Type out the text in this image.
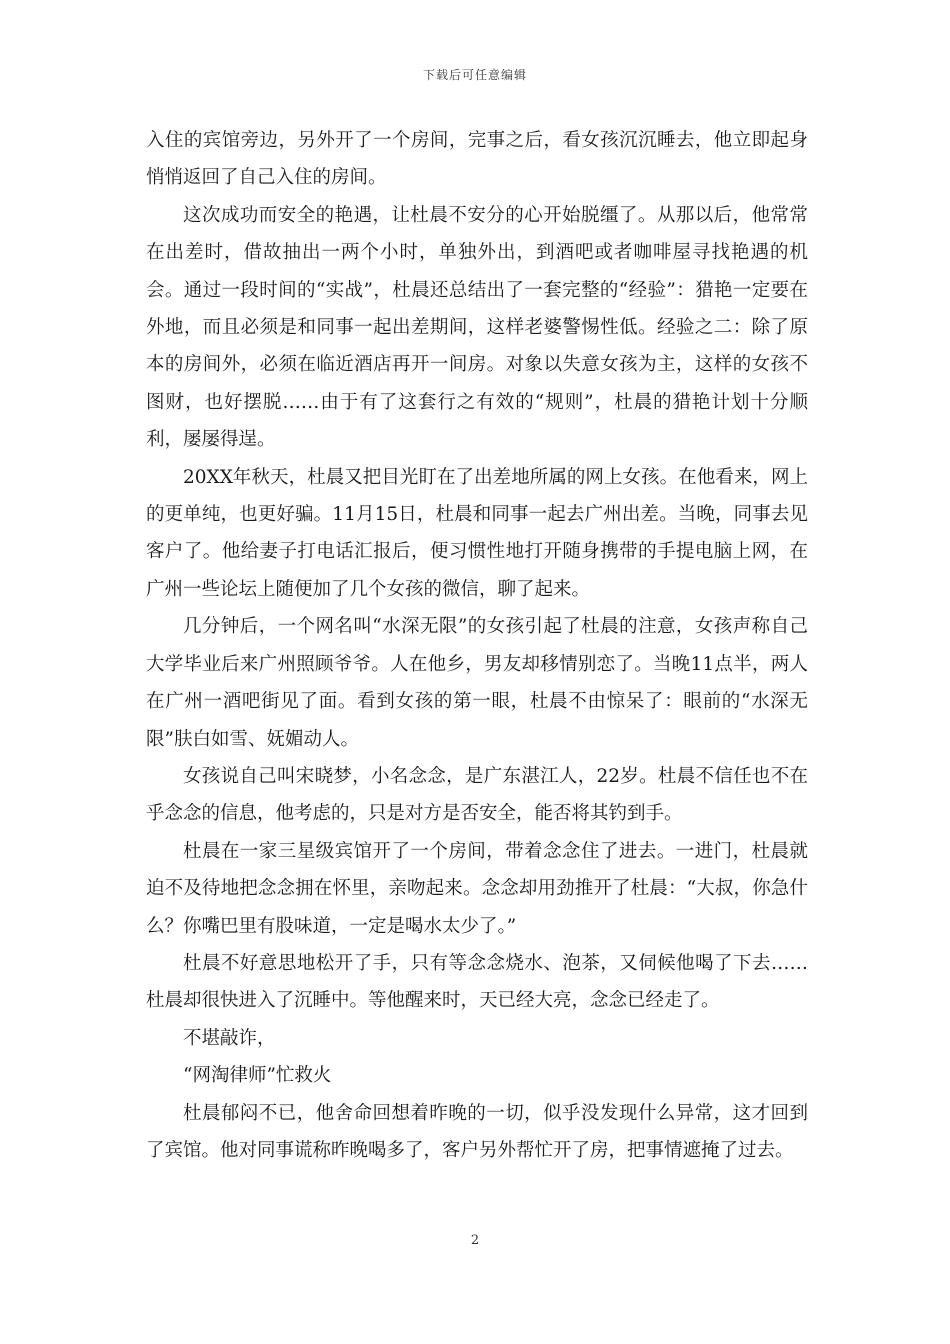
下载后可任意编辑

入住的宾馆旁边，另外开了一个房间，完事之后，看女孩沉沉睡去，他立即起身悄悄返回了自己入住的房间。

这次成功而安全的艳遇，让杜晨不安分的心开始脱缰了。从那以后，他常常在出差时，借故抽出一两个小时，单独外出，到酒吧或者咖啡屋寻找艳遇的机会。通过一段时间的“实战”，杜晨还总结出了一套完整的“经验”：猎艳一定要在外地，而且必须是和同事一起出差期间，这样老婆警惕性低。经验之二：除了原本的房间外，必须在临近酒店再开一间房。对象以失意女孩为主，这样的女孩不图财，也好摆脱……由于有了这套行之有效的“规则”，杜晨的猎艳计划十分顺利，屡屡得逞。

20XX年秋天，杜晨又把目光盯在了出差地所属的网上女孩。在他看来，网上的更单纯，也更好骗。11月15日，杜晨和同事一起去广州出差。当晚，同事去见客户了。他给妻子打电话汇报后，便习惯性地打开随身携带的手提电脑上网，在广州一些论坛上随便加了几个女孩的微信，聊了起来。

几分钟后，一个网名叫“水深无限”的女孩引起了杜晨的注意，女孩声称自己大学毕业后来广州照顾爷爷。人在他乡，男友却移情别恋了。当晚11点半，两人在广州一酒吧街见了面。看到女孩的第一眼，杜晨不由惊呆了：眼前的“水深无限”肤白如雪、妩媚动人。

女孩说自己叫宋晓梦，小名念念，是广东湛江人，22岁。杜晨不信任也不在乎念念的信息，他考虑的，只是对方是否安全，能否将其钓到手。

杜晨在一家三星级宾馆开了一个房间，带着念念住了进去。一进门，杜晨就迫不及待地把念念拥在怀里，亲吻起来。念念却用劲推开了杜晨：“大叔，你急什么？你嘴巴里有股味道，一定是喝水太少了。”

杜晨不好意思地松开了手，只有等念念烧水、泡茶，又伺候他喝了下去……杜晨却很快进入了沉睡中。等他醒来时，天已经大亮，念念已经走了。

不堪敲诈，

“网淘律师”忙救火

杜晨郁闷不已，他舍命回想着昨晚的一切，似乎没发现什么异常，这才回到了宾馆。他对同事谎称昨晚喝多了，客户另外帮忙开了房，把事情遮掩了过去。

2
